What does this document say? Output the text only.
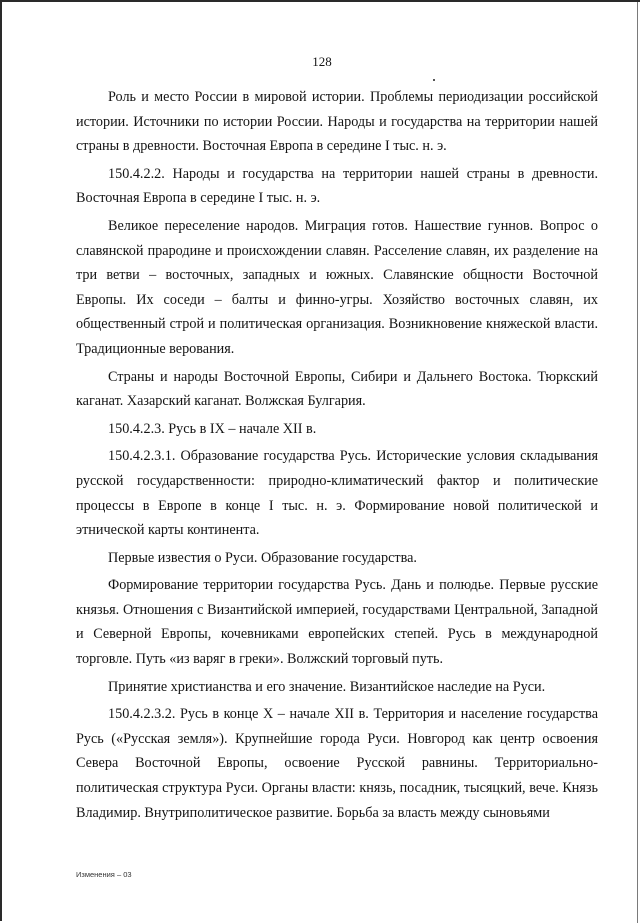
128

Роль и место России в мировой истории. Проблемы периодизации российской истории. Источники по истории России. Народы и государства на территории нашей страны в древности. Восточная Европа в середине I тыс. н. э.

150.4.2.2. Народы и государства на территории нашей страны в древности. Восточная Европа в середине I тыс. н. э.

Великое переселение народов. Миграция готов. Нашествие гуннов. Вопрос о славянской прародине и происхождении славян. Расселение славян, их разделение на три ветви – восточных, западных и южных. Славянские общности Восточной Европы. Их соседи – балты и финно-угры. Хозяйство восточных славян, их общественный строй и политическая организация. Возникновение княжеской власти. Традиционные верования.

Страны и народы Восточной Европы, Сибири и Дальнего Востока. Тюркский каганат. Хазарский каганат. Волжская Булгария.

150.4.2.3. Русь в IX – начале XII в.

150.4.2.3.1. Образование государства Русь. Исторические условия складывания русской государственности: природно-климатический фактор и политические процессы в Европе в конце I тыс. н. э. Формирование новой политической и этнической карты континента.

Первые известия о Руси. Образование государства.

Формирование территории государства Русь. Дань и полюдье. Первые русские князья. Отношения с Византийской империей, государствами Центральной, Западной и Северной Европы, кочевниками европейских степей. Русь в международной торговле. Путь «из варяг в греки». Волжский торговый путь.

Принятие христианства и его значение. Византийское наследие на Руси.

150.4.2.3.2. Русь в конце X – начале XII в. Территория и население государства Русь («Русская земля»). Крупнейшие города Руси. Новгород как центр освоения Севера Восточной Европы, освоение Русской равнины. Территориально-политическая структура Руси. Органы власти: князь, посадник, тысяцкий, вече. Князь Владимир. Внутриполитическое развитие. Борьба за власть между сыновьями

Изменения – 03
